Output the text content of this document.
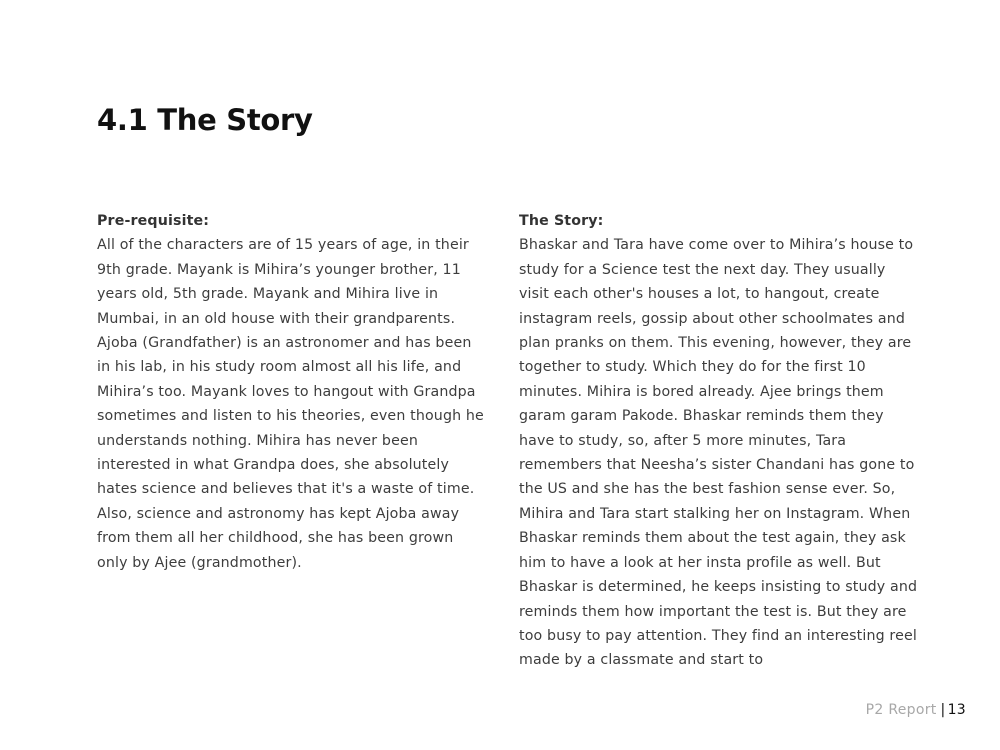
4.1 The Story
Pre-requisite:

All of the characters are of 15 years of age, in their 9th grade. Mayank is Mihira’s younger brother, 11 years old, 5th grade. Mayank and Mihira live in Mumbai, in an old house with their grandparents. Ajoba (Grandfather) is an astronomer and has been in his lab, in his study room almost all his life, and Mihira’s too. Mayank loves to hangout with Grandpa sometimes and listen to his theories, even though he understands nothing. Mihira has never been interested in what Grandpa does, she absolutely hates science and believes that it's a waste of time. Also, science and astronomy has kept Ajoba away from them all her childhood, she has been grown only by Ajee (grandmother).

The Story:

Bhaskar and Tara have come over to Mihira’s house to study for a Science test the next day. They usually visit each other's houses a lot, to hangout, create instagram reels, gossip about other schoolmates and plan pranks on them. This evening, however, they are together to study. Which they do for the first 10 minutes. Mihira is bored already. Ajee brings them garam garam Pakode. Bhaskar reminds them they have to study, so, after 5 more minutes, Tara remembers that Neesha’s sister Chandani has gone to the US and she has the best fashion sense ever. So, Mihira and Tara start stalking her on Instagram. When Bhaskar reminds them about the test again, they ask him to have a look at her insta profile as well. But Bhaskar is determined, he keeps insisting to study and reminds them how important the test is. But they are too busy to pay attention. They find an interesting reel made by a classmate and start to

P2 Report | 13
